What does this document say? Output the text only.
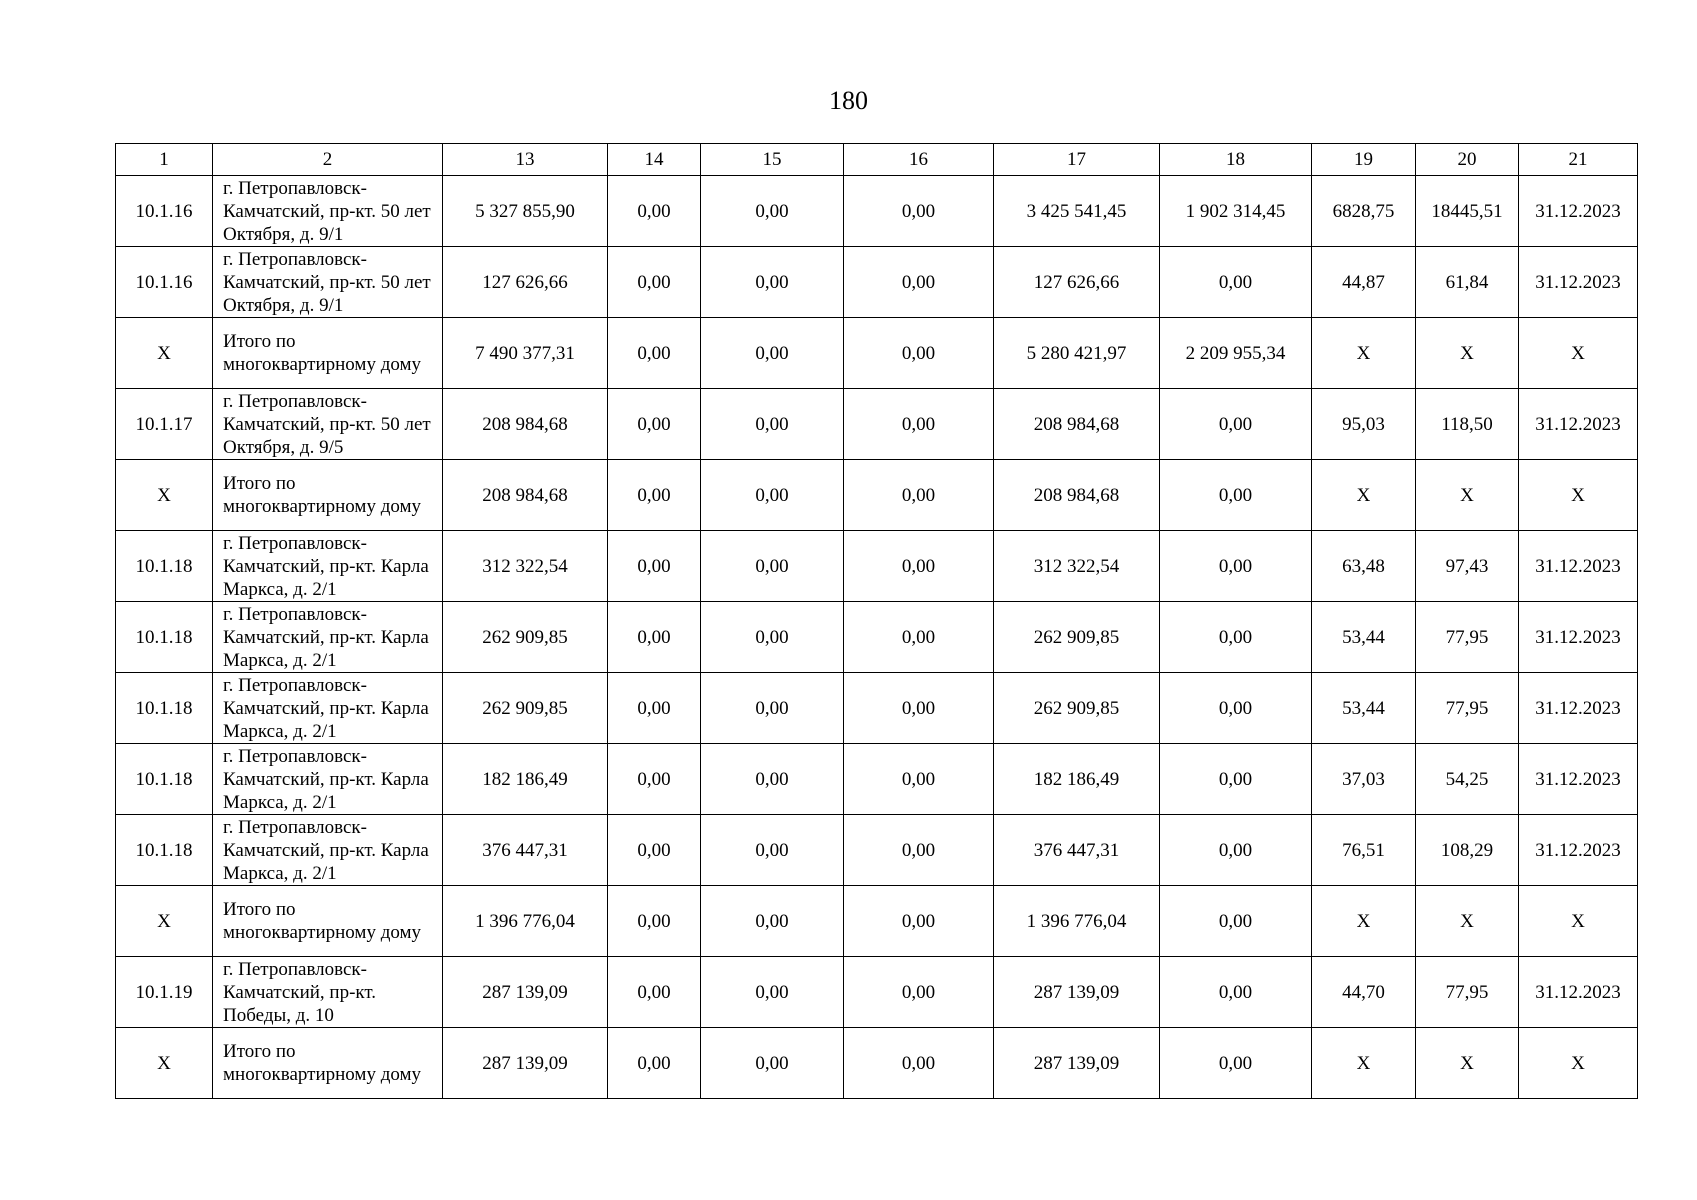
180
1	2	13	14	15	16	17	18	19	20	21
10.1.16	г. Петропавловск-Камчатский, пр-кт. 50 лет Октября, д. 9/1	5 327 855,90	0,00	0,00	0,00	3 425 541,45	1 902 314,45	6828,75	18445,51	31.12.2023
10.1.16	г. Петропавловск-Камчатский, пр-кт. 50 лет Октября, д. 9/1	127 626,66	0,00	0,00	0,00	127 626,66	0,00	44,87	61,84	31.12.2023
X	Итого по многоквартирному дому	7 490 377,31	0,00	0,00	0,00	5 280 421,97	2 209 955,34	X	X	X
10.1.17	г. Петропавловск-Камчатский, пр-кт. 50 лет Октября, д. 9/5	208 984,68	0,00	0,00	0,00	208 984,68	0,00	95,03	118,50	31.12.2023
X	Итого по многоквартирному дому	208 984,68	0,00	0,00	0,00	208 984,68	0,00	X	X	X
10.1.18	г. Петропавловск-Камчатский, пр-кт. Карла Маркса, д. 2/1	312 322,54	0,00	0,00	0,00	312 322,54	0,00	63,48	97,43	31.12.2023
10.1.18	г. Петропавловск-Камчатский, пр-кт. Карла Маркса, д. 2/1	262 909,85	0,00	0,00	0,00	262 909,85	0,00	53,44	77,95	31.12.2023
10.1.18	г. Петропавловск-Камчатский, пр-кт. Карла Маркса, д. 2/1	262 909,85	0,00	0,00	0,00	262 909,85	0,00	53,44	77,95	31.12.2023
10.1.18	г. Петропавловск-Камчатский, пр-кт. Карла Маркса, д. 2/1	182 186,49	0,00	0,00	0,00	182 186,49	0,00	37,03	54,25	31.12.2023
10.1.18	г. Петропавловск-Камчатский, пр-кт. Карла Маркса, д. 2/1	376 447,31	0,00	0,00	0,00	376 447,31	0,00	76,51	108,29	31.12.2023
X	Итого по многоквартирному дому	1 396 776,04	0,00	0,00	0,00	1 396 776,04	0,00	X	X	X
10.1.19	г. Петропавловск-Камчатский, пр-кт. Победы, д. 10	287 139,09	0,00	0,00	0,00	287 139,09	0,00	44,70	77,95	31.12.2023
X	Итого по многоквартирному дому	287 139,09	0,00	0,00	0,00	287 139,09	0,00	X	X	X
